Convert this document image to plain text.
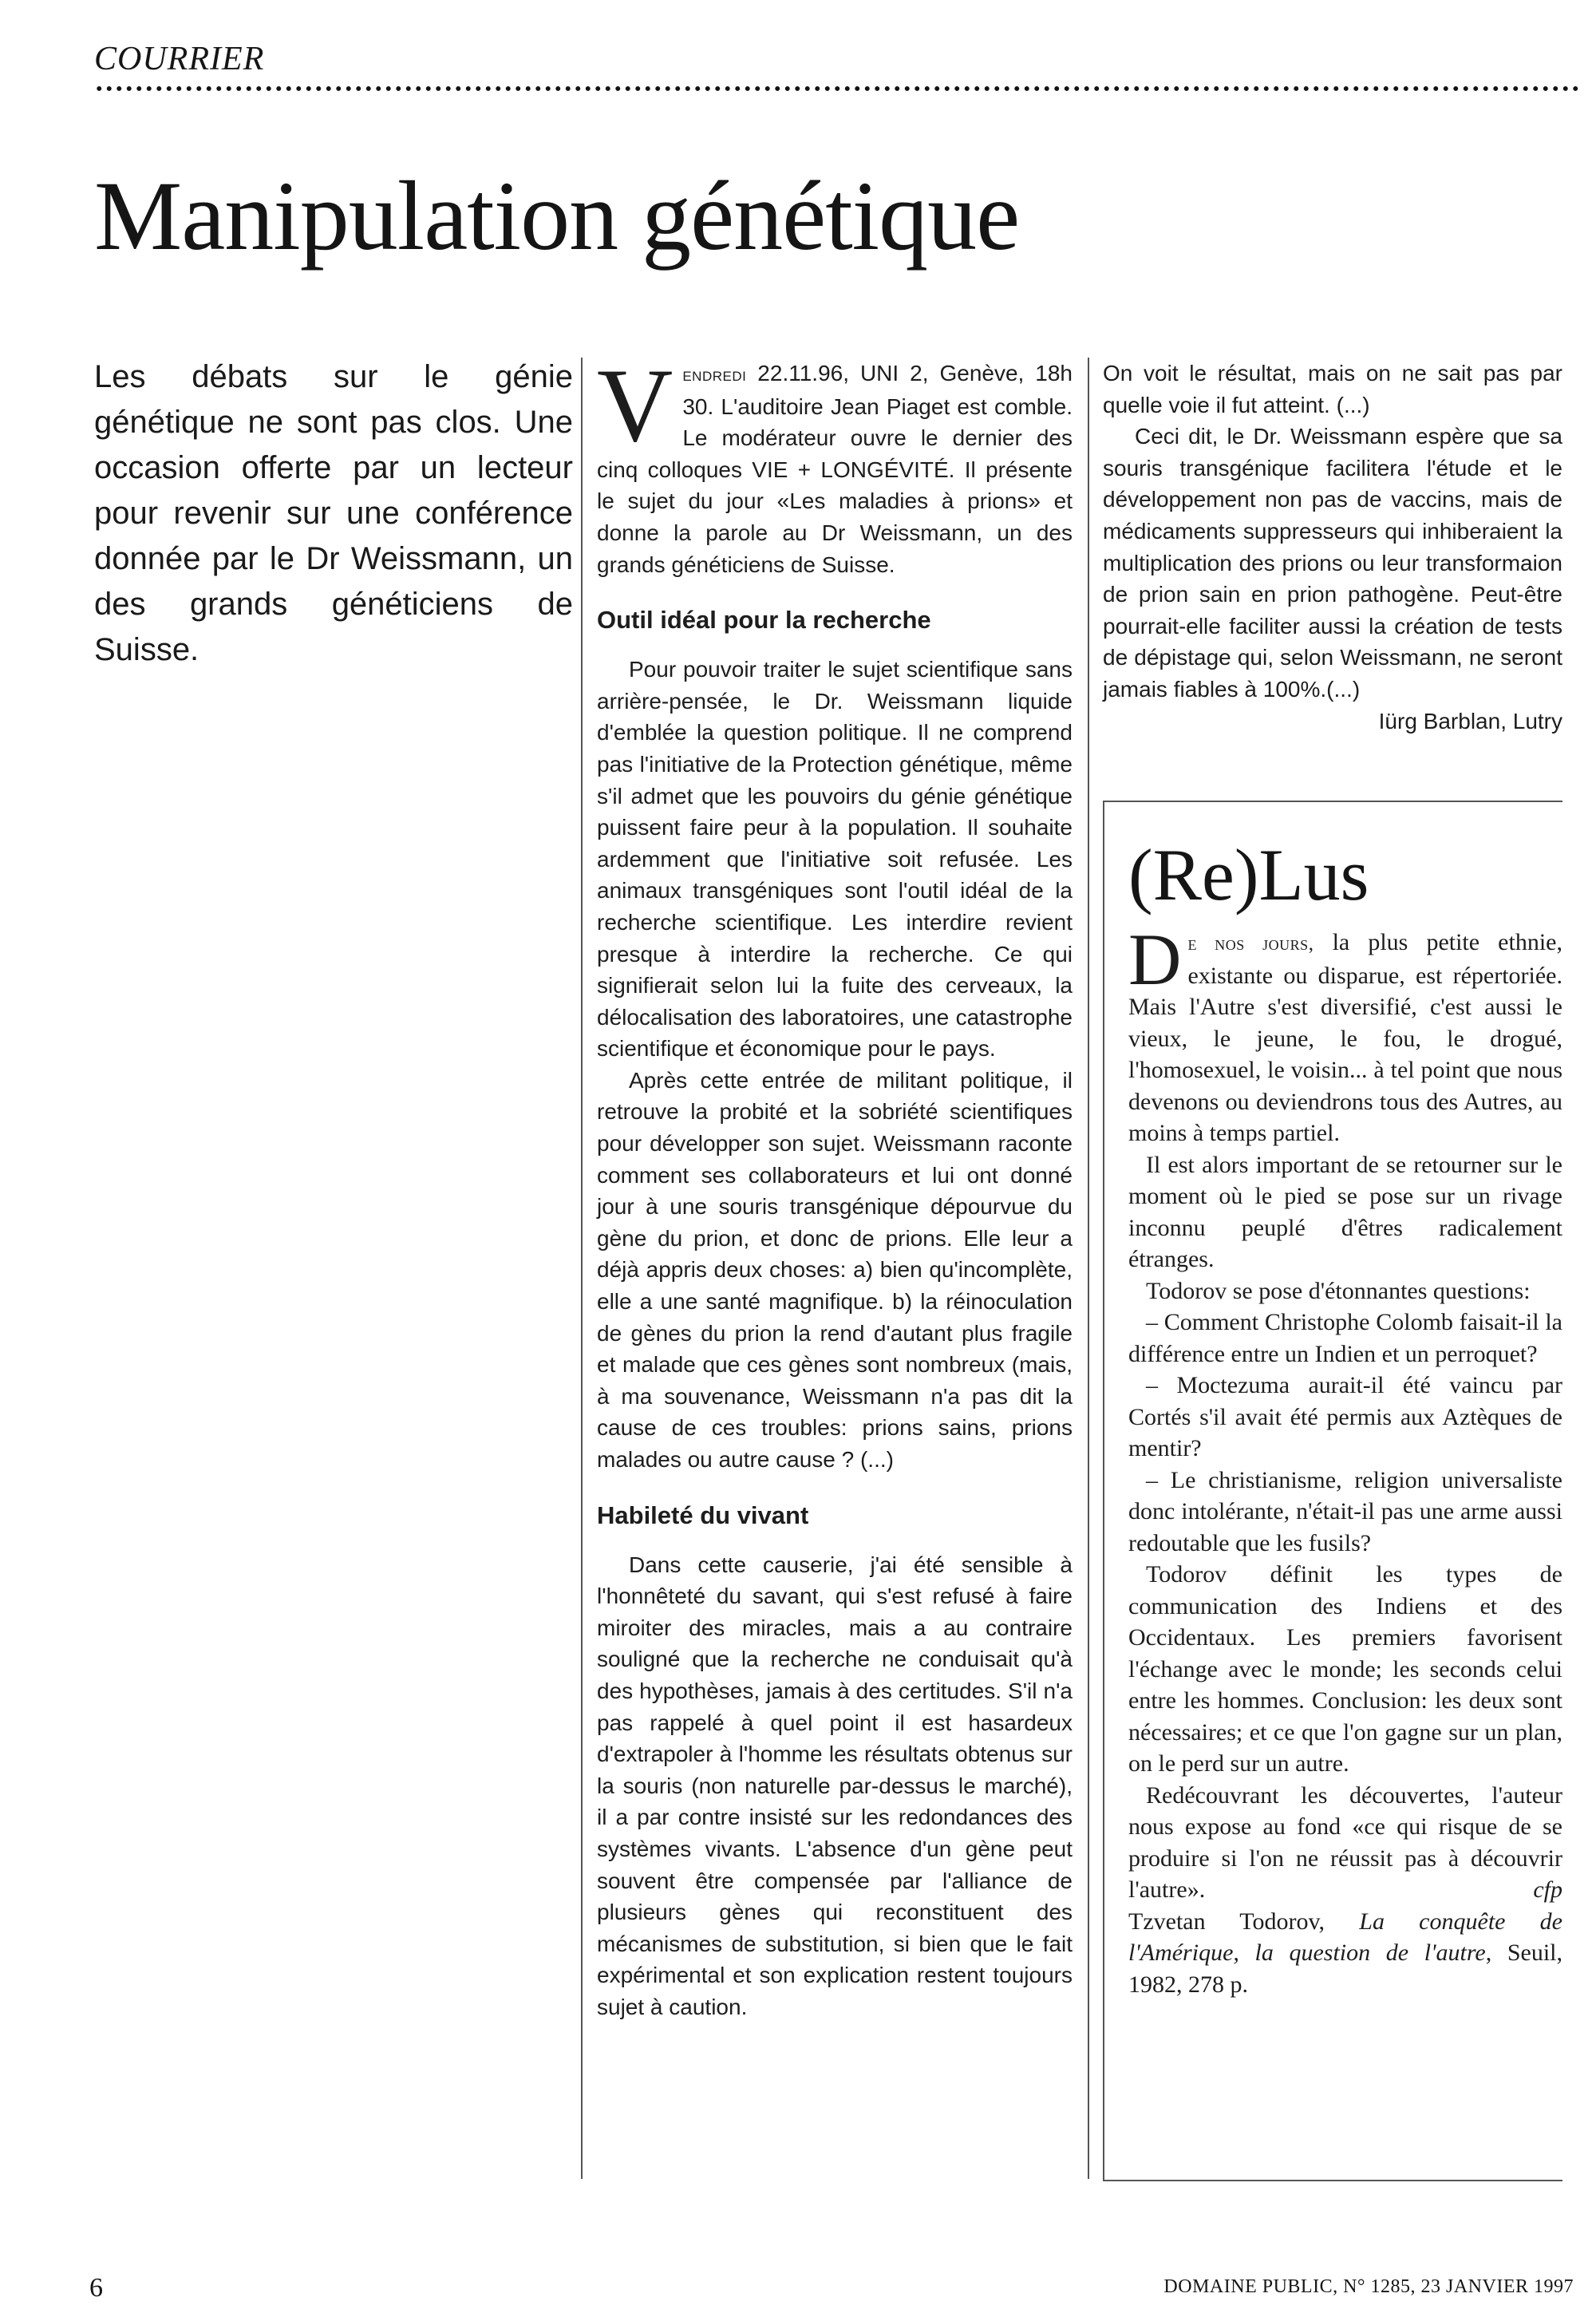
COURRIER
Manipulation génétique

Les débats sur le génie génétique ne sont pas clos. Une occasion offerte par un lecteur pour revenir sur une conférence donnée par le Dr Weissmann, un des grands généticiens de Suisse.

Vendredi 22.11.96, UNI 2, Genève, 18h 30. L'auditoire Jean Piaget est comble. Le modérateur ouvre le dernier des cinq colloques VIE + LONGÉVITÉ. Il présente le sujet du jour «Les maladies à prions» et donne la parole au Dr Weissmann, un des grands généticiens de Suisse.

Outil idéal pour la recherche

Pour pouvoir traiter le sujet scientifique sans arrière-pensée, le Dr. Weissmann liquide d'emblée la question politique. Il ne comprend pas l'initiative de la Protection génétique, même s'il admet que les pouvoirs du génie génétique puissent faire peur à la population. Il souhaite ardemment que l'initiative soit refusée. Les animaux transgéniques sont l'outil idéal de la recherche scientifique. Les interdire revient presque à interdire la recherche. Ce qui signifierait selon lui la fuite des cerveaux, la délocalisation des laboratoires, une catastrophe scientifique et économique pour le pays.

Après cette entrée de militant politique, il retrouve la probité et la sobriété scientifiques pour développer son sujet. Weissmann raconte comment ses collaborateurs et lui ont donné jour à une souris transgénique dépourvue du gène du prion, et donc de prions. Elle leur a déjà appris deux choses: a) bien qu'incomplète, elle a une santé magnifique. b) la réinoculation de gènes du prion la rend d'autant plus fragile et malade que ces gènes sont nombreux (mais, à ma souvenance, Weissmann n'a pas dit la cause de ces troubles: prions sains, prions malades ou autre cause ? (...)

Habileté du vivant

Dans cette causerie, j'ai été sensible à l'honnêteté du savant, qui s'est refusé à faire miroiter des miracles, mais a au contraire souligné que la recherche ne conduisait qu'à des hypothèses, jamais à des certitudes. S'il n'a pas rappelé à quel point il est hasardeux d'extrapoler à l'homme les résultats obtenus sur la souris (non naturelle par-dessus le marché), il a par contre insisté sur les redondances des systèmes vivants. L'absence d'un gène peut souvent être compensée par l'alliance de plusieurs gènes qui reconstituent des mécanismes de substitution, si bien que le fait expérimental et son explication restent toujours sujet à caution.

On voit le résultat, mais on ne sait pas par quelle voie il fut atteint. (...)

Ceci dit, le Dr. Weissmann espère que sa souris transgénique facilitera l'étude et le développement non pas de vaccins, mais de médicaments suppresseurs qui inhiberaient la multiplication des prions ou leur transformaion de prion sain en prion pathogène. Peut-être pourrait-elle faciliter aussi la création de tests de dépistage qui, selon Weissmann, ne seront jamais fiables à 100%.(...)

Iürg Barblan, Lutry

(Re)Lus

De nos jours, la plus petite ethnie, existante ou disparue, est répertoriée. Mais l'Autre s'est diversifié, c'est aussi le vieux, le jeune, le fou, le drogué, l'homosexuel, le voisin... à tel point que nous devenons ou deviendrons tous des Autres, au moins à temps partiel.

Il est alors important de se retourner sur le moment où le pied se pose sur un rivage inconnu peuplé d'êtres radicalement étranges.

Todorov se pose d'étonnantes questions:

– Comment Christophe Colomb faisait-il la différence entre un Indien et un perroquet?

– Moctezuma aurait-il été vaincu par Cortés s'il avait été permis aux Aztèques de mentir?

– Le christianisme, religion universaliste donc intolérante, n'était-il pas une arme aussi redoutable que les fusils?

Todorov définit les types de communication des Indiens et des Occidentaux. Les premiers favorisent l'échange avec le monde; les seconds celui entre les hommes. Conclusion: les deux sont nécessaires; et ce que l'on gagne sur un plan, on le perd sur un autre.

Redécouvrant les découvertes, l'auteur nous expose au fond «ce qui risque de se produire si l'on ne réussit pas à découvrir l'autre».	cfp

Tzvetan Todorov, La conquête de l'Amérique, la question de l'autre, Seuil, 1982, 278 p.

6	DOMAINE PUBLIC, N° 1285, 23 JANVIER 1997
